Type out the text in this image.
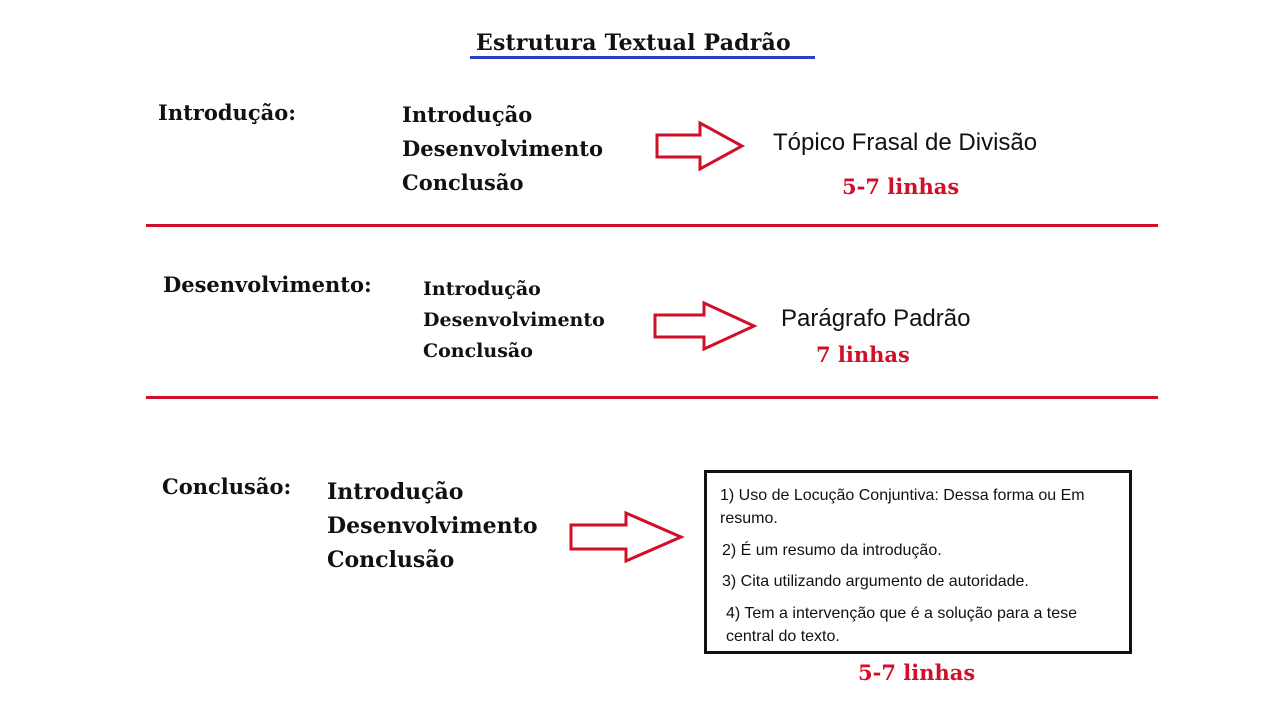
Estrutura Textual Padrão
Introdução:	Introdução
Desenvolvimento
Conclusão
Tópico Frasal de Divisão
5-7 linhas
Desenvolvimento:	Introdução
Desenvolvimento
Conclusão
Parágrafo Padrão
7 linhas
Conclusão: Introdução
Desenvolvimento
Conclusão
1) Uso de Locução Conjuntiva: Dessa forma ou Em resumo.
2) É um resumo da introdução.
3) Cita utilizando argumento de autoridade.
4) Tem a intervenção que é a solução para a tese central do texto.
5-7 linhas
